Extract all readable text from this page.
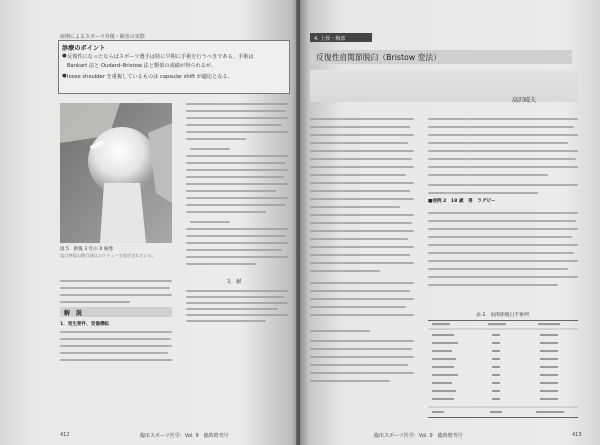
症例によるスポーツ外傷・障害の実際
診療のポイント
● 反復性になったならばスポーツ選手は特に早期に手術を行うべきである。手術は
Bankart 法と Oudard–Bristow 法と類似の成績が得られるが、
● loose shoulder を重複しているものは capsular shift が適応となる。
図 5　術後 3 年の X 線像
烏口突起の移行部はスクリューで固定されている。
解　説
1．発生要件、受傷機転
文　献
412	臨床スポーツ医学：Vol. 9　臨時増刊号
4. 上肢・胸部
反復性肩関節脱臼（Bristow 変法）
高沢晴夫
■症例 2　18 歳　男　ラグビー
表-1　肩関節脱臼手術例
臨床スポーツ医学：Vol. 9　臨時増刊号	413
